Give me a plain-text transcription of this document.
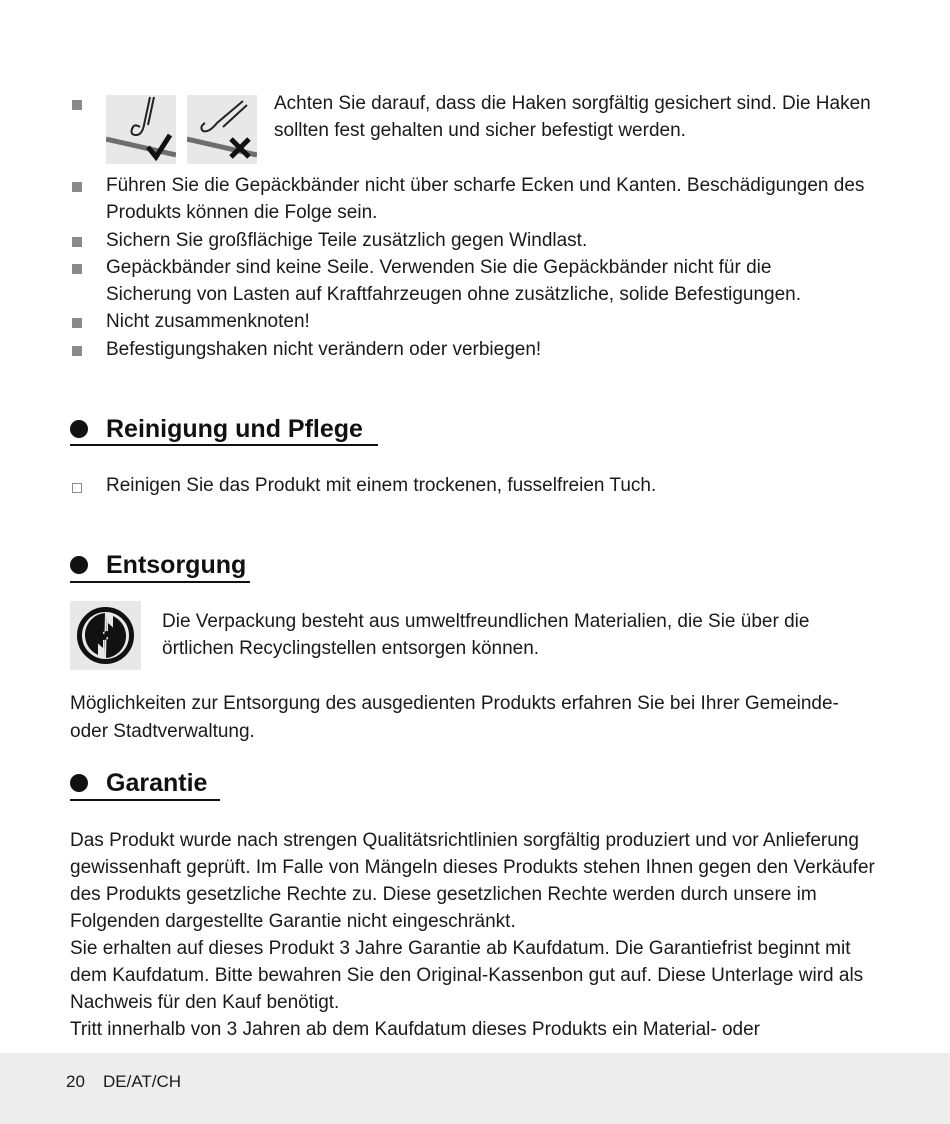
Achten Sie darauf, dass die Haken sorgfältig gesichert sind. Die Haken
sollten fest gehalten und sicher befestigt werden.
Führen Sie die Gepäckbänder nicht über scharfe Ecken und Kanten. Beschädigungen des
Produkts können die Folge sein.
Sichern Sie großflächige Teile zusätzlich gegen Windlast.
Gepäckbänder sind keine Seile. Verwenden Sie die Gepäckbänder nicht für die
Sicherung von Lasten auf Kraftfahrzeugen ohne zusätzliche, solide Befestigungen.
Nicht zusammenknoten!
Befestigungshaken nicht verändern oder verbiegen!
Reinigung und Pflege
Reinigen Sie das Produkt mit einem trockenen, fusselfreien Tuch.
Entsorgung
Die Verpackung besteht aus umweltfreundlichen Materialien, die Sie über die
örtlichen Recyclingstellen entsorgen können.
Möglichkeiten zur Entsorgung des ausgedienten Produkts erfahren Sie bei Ihrer Gemeinde-
oder Stadtverwaltung.
Garantie
Das Produkt wurde nach strengen Qualitätsrichtlinien sorgfältig produziert und vor Anlieferung
gewissenhaft geprüft. Im Falle von Mängeln dieses Produkts stehen Ihnen gegen den Verkäufer
des Produkts gesetzliche Rechte zu. Diese gesetzlichen Rechte werden durch unsere im
Folgenden dargestellte Garantie nicht eingeschränkt.
Sie erhalten auf dieses Produkt 3 Jahre Garantie ab Kaufdatum. Die Garantiefrist beginnt mit
dem Kaufdatum. Bitte bewahren Sie den Original-Kassenbon gut auf. Diese Unterlage wird als
Nachweis für den Kauf benötigt.
Tritt innerhalb von 3 Jahren ab dem Kaufdatum dieses Produkts ein Material- oder
20 DE/AT/CH
